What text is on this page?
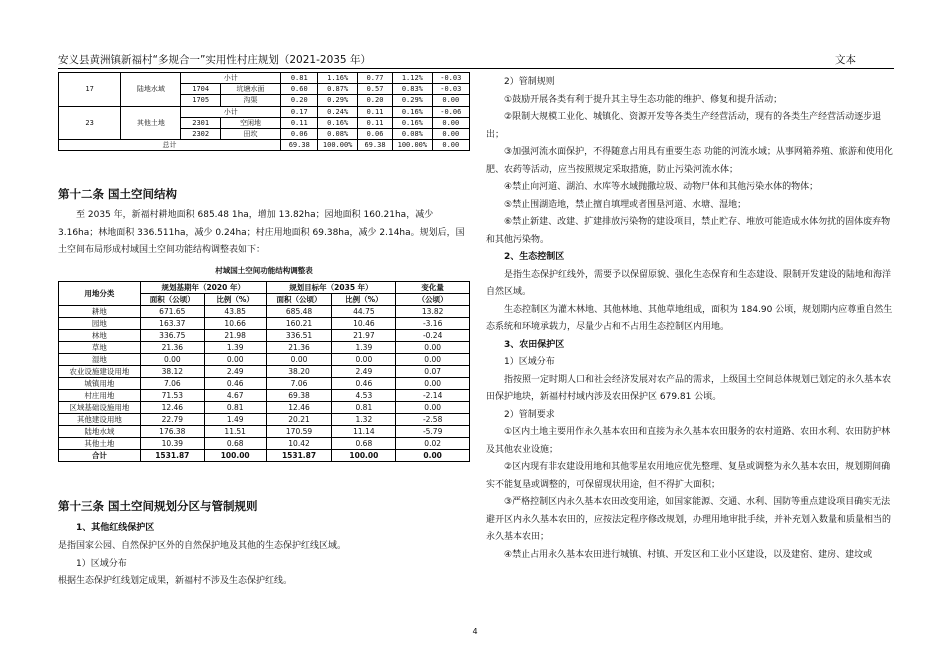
安义县黄洲镇新福村“多规合一”实用性村庄规划（2021-2035 年）	文本
17	陆地水域	小计		0.81	1.16%	0.77	1.12%	-0.03
		1704	坑塘水面	0.60	0.87%	0.57	0.83%	-0.03
		1705	沟渠	0.20	0.29%	0.20	0.29%	0.00
23	其他土地	小计		0.17	0.24%	0.11	0.16%	-0.06
		2301	空闲地	0.11	0.16%	0.11	0.16%	0.00
		2302	田坎	0.06	0.08%	0.06	0.08%	0.00
总计				69.38	100.00%	69.38	100.00%	0.00
第十二条 国土空间结构

至 2035 年，新福村耕地面积 685.48 1ha，增加 13.82ha；园地面积 160.21ha，减少 3.16ha；林地面积 336.511ha，减少 0.24ha；村庄用地面积 69.38ha，减少 2.14ha。规划后，国土空间布局形成村域国土空间功能结构调整表如下：

村域国土空间功能结构调整表
用地分类	规划基期年（2020 年）		规划目标年（2035 年）		变化量
	面积（公顷）	比例（%）	面积（公顷）	比例（%）	（公顷）
耕地	671.65	43.85	685.48	44.75	13.82
园地	163.37	10.66	160.21	10.46	-3.16
林地	336.75	21.98	336.51	21.97	-0.24
草地	21.36	1.39	21.36	1.39	0.00
湿地	0.00	0.00	0.00	0.00	0.00
农业设施建设用地	38.12	2.49	38.20	2.49	0.07
城镇用地	7.06	0.46	7.06	0.46	0.00
村庄用地	71.53	4.67	69.38	4.53	-2.14
区域基础设施用地	12.46	0.81	12.46	0.81	0.00
其他建设用地	22.79	1.49	20.21	1.32	-2.58
陆地水域	176.38	11.51	170.59	11.14	-5.79
其他土地	10.39	0.68	10.42	0.68	0.02
合计	1531.87	100.00	1531.87	100.00	0.00
第十三条 国土空间规划分区与管制规则

1、其他红线保护区

是指国家公园、自然保护区外的自然保护地及其他的生态保护红线区域。

1）区域分布

根据生态保护红线划定成果，新福村不涉及生态保护红线。

2）管制规则

①鼓励开展各类有利于提升其主导生态功能的维护、修复和提升活动；

②限制大规模工业化、城镇化、资源开发等各类生产经营活动，现有的各类生产经营活动逐步退出；

③加强河流水面保护，不得随意占用具有重要生态 功能的河流水域；从事网箱养殖、旅游和使用化肥、农药等活动，应当按照规定采取措施，防止污染河流水体；

④禁止向河道、湖泊、水库等水域抛撒垃圾、动物尸体和其他污染水体的物体；

⑤禁止围湖造地，禁止擅自填埋或者围垦河道、水塘、湿地；

⑥禁止新建、改建、扩建排放污染物的建设项目，禁止贮存、堆放可能造成水体勿扰的固体废弃物和其他污染物。

2、生态控制区

是指生态保护红线外，需要予以保留原貌、强化生态保育和生态建设、限制开发建设的陆地和海洋自然区域。

生态控制区为灌木林地、其他林地、其他草地组成，面积为 184.90 公顷，规划期内应尊重自然生态系统和环境承载力，尽量少占和不占用生态控制区内用地。

3、农田保护区

1）区域分布

指按照一定时期人口和社会经济发展对农产品的需求，上级国土空间总体规划已划定的永久基本农田保护地块，新福村村域内涉及农田保护区 679.81 公顷。

2）管制要求

①区内土地主要用作永久基本农田和直接为永久基本农田服务的农村道路、农田水利、农田防护林及其他农业设施；

②区内现有非农建设用地和其他零星农用地应优先整理、复垦或调整为永久基本农田，规划期间确实不能复垦或调整的，可保留现状用途，但不得扩大面积；

③严格控制区内永久基本农田改变用途，如国家能源、交通、水利、国防等重点建设项目确实无法避开区内永久基本农田的，应按法定程序修改规划，办理用地审批手续，并补充划入数量和质量相当的永久基本农田；

④禁止占用永久基本农田进行城镇、村镇、开发区和工业小区建设，以及建窑、建房、建坟或

4
